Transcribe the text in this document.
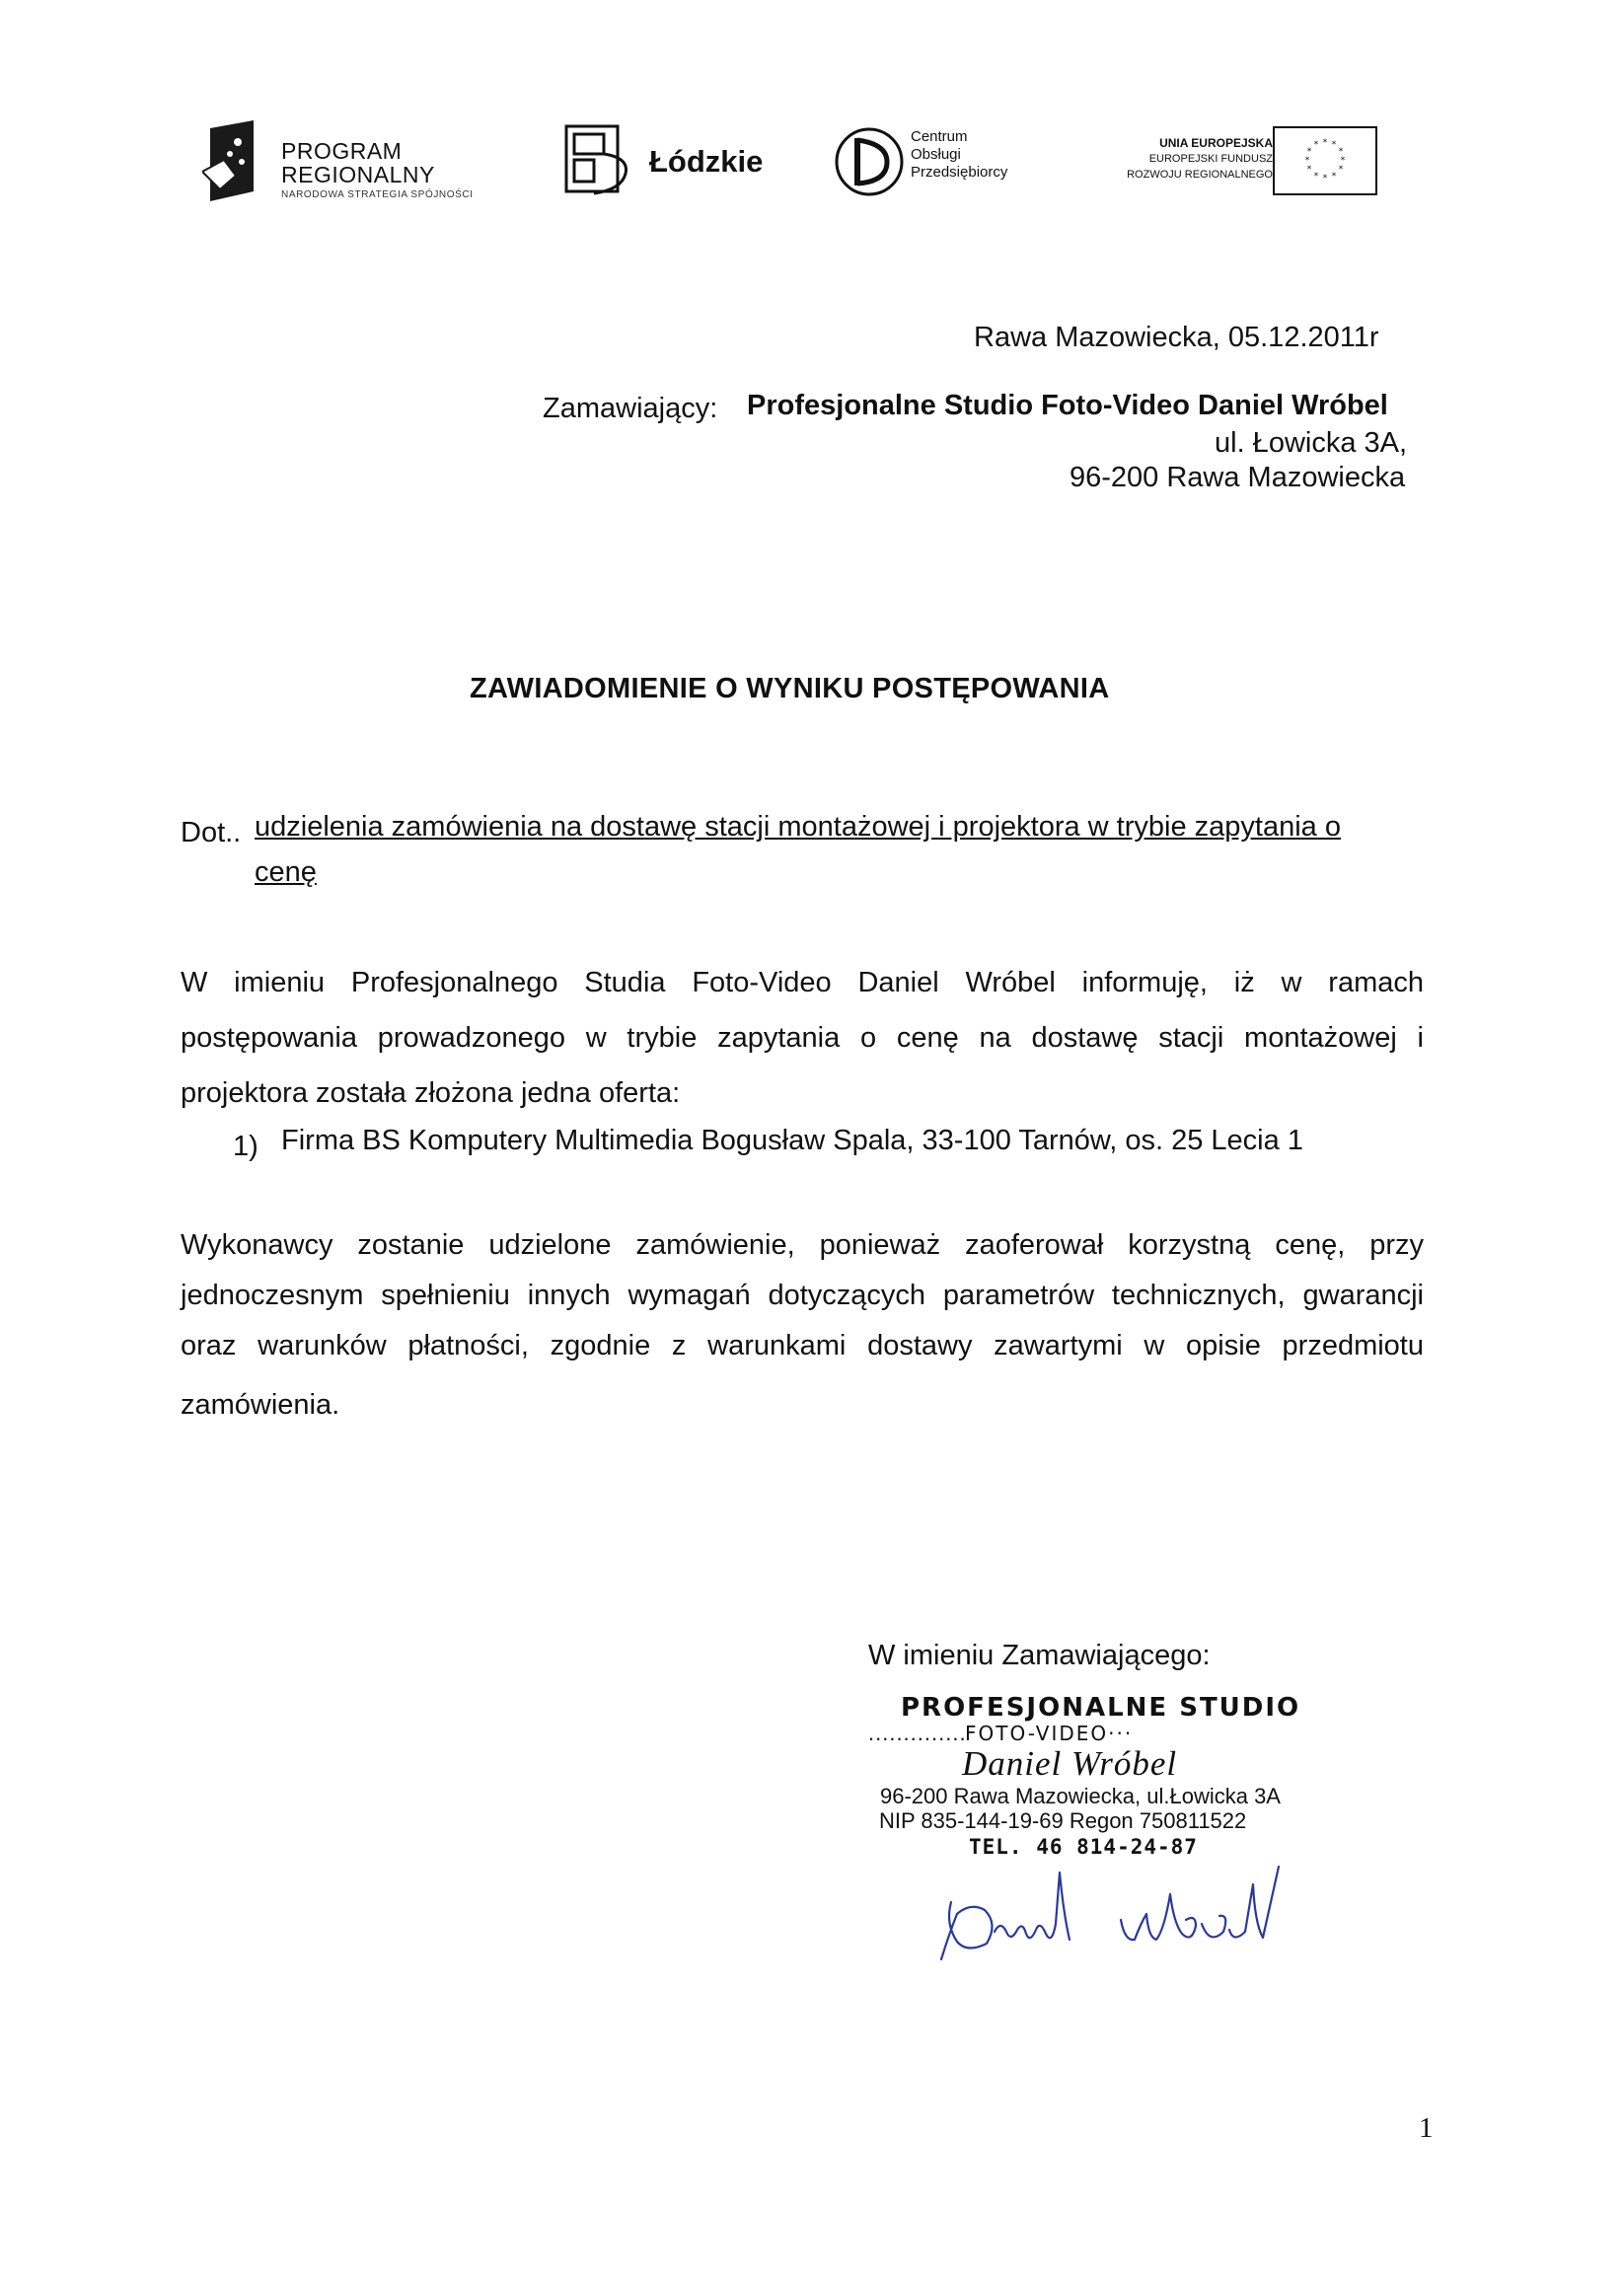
PROGRAM
REGIONALNY
NARODOWA STRATEGIA SPÓJNOŚCI
Łódzkie
Centrum
Obsługi
Przedsiębiorcy
UNIA EUROPEJSKA
EUROPEJSKI FUNDUSZ
ROZWOJU REGIONALNEGO
* *
*
*
*
*
*
*
*
*
*
*
Rawa Mazowiecka, 05.12.2011r
Zamawiający: Profesjonalne Studio Foto-Video Daniel Wróbel
ul. Łowicka 3A,
96-200 Rawa Mazowiecka
ZAWIADOMIENIE O WYNIKU POSTĘPOWANIA
Dot.. udzielenia zamówienia na dostawę stacji montażowej i projektora w trybie zapytania o
cenę
W imieniu Profesjonalnego Studia Foto-Video Daniel Wróbel informuję, iż w ramach
postępowania prowadzonego w trybie zapytania o cenę na dostawę stacji montażowej i
projektora została złożona jedna oferta:
1) Firma BS Komputery Multimedia Bogusław Spala, 33-100 Tarnów, os. 25 Lecia 1
Wykonawcy zostanie udzielone zamówienie, ponieważ zaoferował korzystną cenę, przy
jednoczesnym spełnieniu innych wymagań dotyczących parametrów technicznych, gwarancji
oraz warunków płatności, zgodnie z warunkami dostawy zawartymi w opisie przedmiotu
zamówienia.
W imieniu Zamawiającego:
PROFESJONALNE STUDIO
..............
FOTO-VIDEO···
Daniel Wróbel
96-200 Rawa Mazowiecka, ul.Łowicka 3A
NIP 835-144-19-69 Regon 750811522
TEL. 46 814-24-87
1
